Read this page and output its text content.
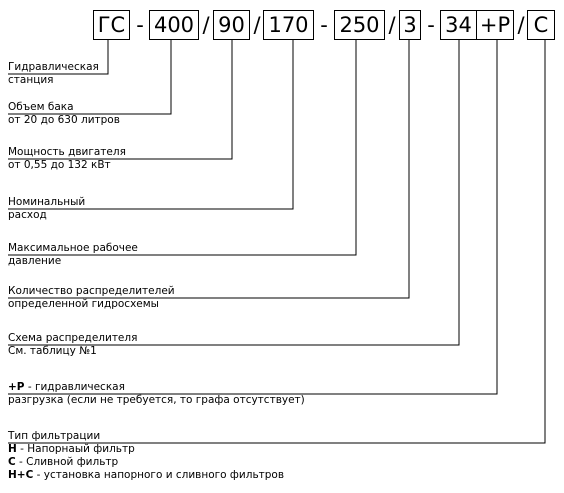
ГС - 400 / 90 / 170 - 250 / 3 - 34 +Р / С
Гидравлическая
станция
Объем бака
от 20 до 630 литров
Мощность двигателя
от 0,55 до 132 кВт
Номинальный
расход
Максимальное рабочее
давление
Количество распределителей
определенной гидросхемы
Схема распределителя
См. таблицу №1
+Р - гидравлическая
разгрузка (если не требуется, то графа отсутствует)
Тип фильтрации
Н - Напорнаый фильтр
С - Сливной фильтр
Н+С - установка напорного и сливного фильтров
